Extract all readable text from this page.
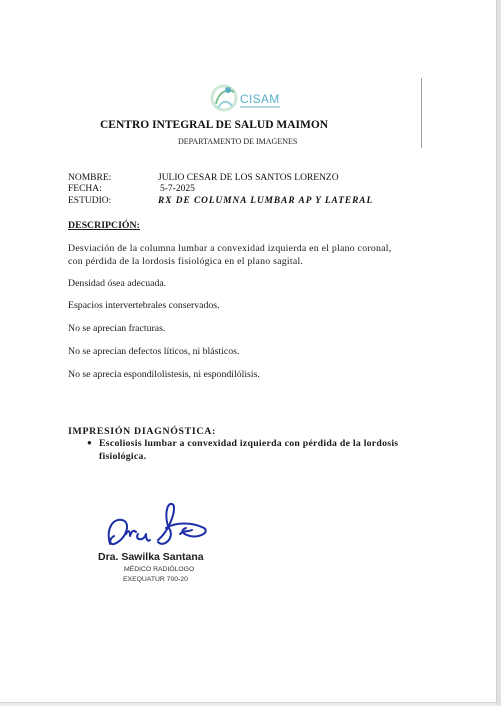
CISAM
CENTRO INTEGRAL DE SALUD MAIMON
DEPARTAMENTO DE IMAGENES
NOMBRE:	JULIO CESAR DE LOS SANTOS LORENZO
FECHA:	5-7-2025
ESTUDIO:	RX DE COLUMNA LUMBAR AP Y LATERAL
DESCRIPCIÓN:
Desviación de la columna lumbar a convexidad izquierda en el plano coronal, con pérdida de la lordosis fisiológica en el plano sagital.
Densidad ósea adecuada.
Espacios intervertebrales conservados.
No se aprecian fracturas.
No se aprecian defectos líticos, ni blásticos.
No se aprecia espondilolistesis, ni espondilólisis.
IMPRESIÓN DIAGNÓSTICA:
● Escoliosis lumbar a convexidad izquierda con pérdida de la lordosis fisiológica.
Dra. Sawilka Santana
MÉDICO RADIÓLOGO
EXEQUATUR 700-20
